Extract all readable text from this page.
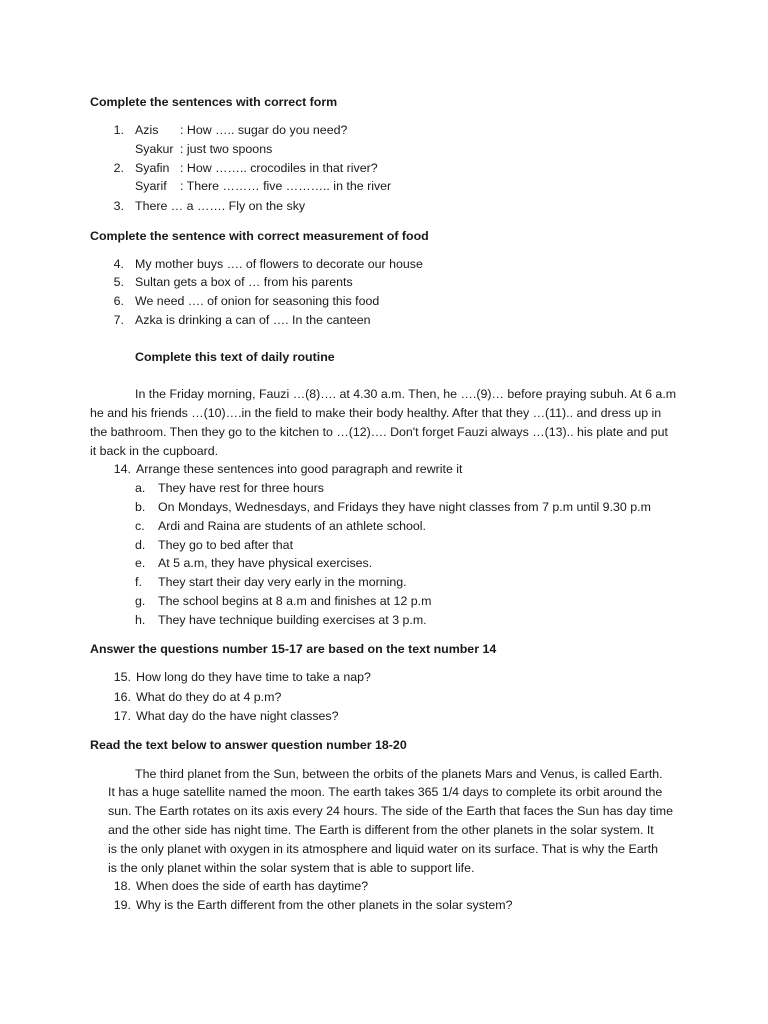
Complete the sentences with correct form
1. Azis : How ….. sugar do you need?
Syakur : just two spoons
2. Syafin : How …….. crocodiles in that river?
Syarif : There ……… five ……….. in the river
3. There … a ……. Fly on the sky
Complete the sentence with correct measurement of food
4. My mother buys …. of flowers to decorate our house
5. Sultan gets a box of … from his parents
6. We need …. of onion for seasoning this food
7. Azka is drinking a can of …. In the canteen
Complete this text of daily routine
In the Friday morning, Fauzi …(8)…. at 4.30 a.m. Then, he ….(9)… before praying subuh. At 6 a.m
he and his friends …(10)….in the field to make their body healthy. After that they …(11).. and dress up in
the bathroom. Then they go to the kitchen to …(12)…. Don't forget Fauzi always …(13).. his plate and put
it back in the cupboard.
14. Arrange these sentences into good paragraph and rewrite it
a. They have rest for three hours
b. On Mondays, Wednesdays, and Fridays they have night classes from 7 p.m until 9.30 p.m
c. Ardi and Raina are students of an athlete school.
d. They go to bed after that
e. At 5 a.m, they have physical exercises.
f. They start their day very early in the morning.
g. The school begins at 8 a.m and finishes at 12 p.m
h. They have technique building exercises at 3 p.m.
Answer the questions number 15-17 are based on the text number 14
15. How long do they have time to take a nap?
16. What do they do at 4 p.m?
17. What day do the have night classes?
Read the text below to answer question number 18-20
The third planet from the Sun, between the orbits of the planets Mars and Venus, is called Earth.
It has a huge satellite named the moon. The earth takes 365 1/4 days to complete its orbit around the
sun. The Earth rotates on its axis every 24 hours. The side of the Earth that faces the Sun has day time
and the other side has night time. The Earth is different from the other planets in the solar system. It
is the only planet with oxygen in its atmosphere and liquid water on its surface. That is why the Earth
is the only planet within the solar system that is able to support life.
18. When does the side of earth has daytime?
19. Why is the Earth different from the other planets in the solar system?
